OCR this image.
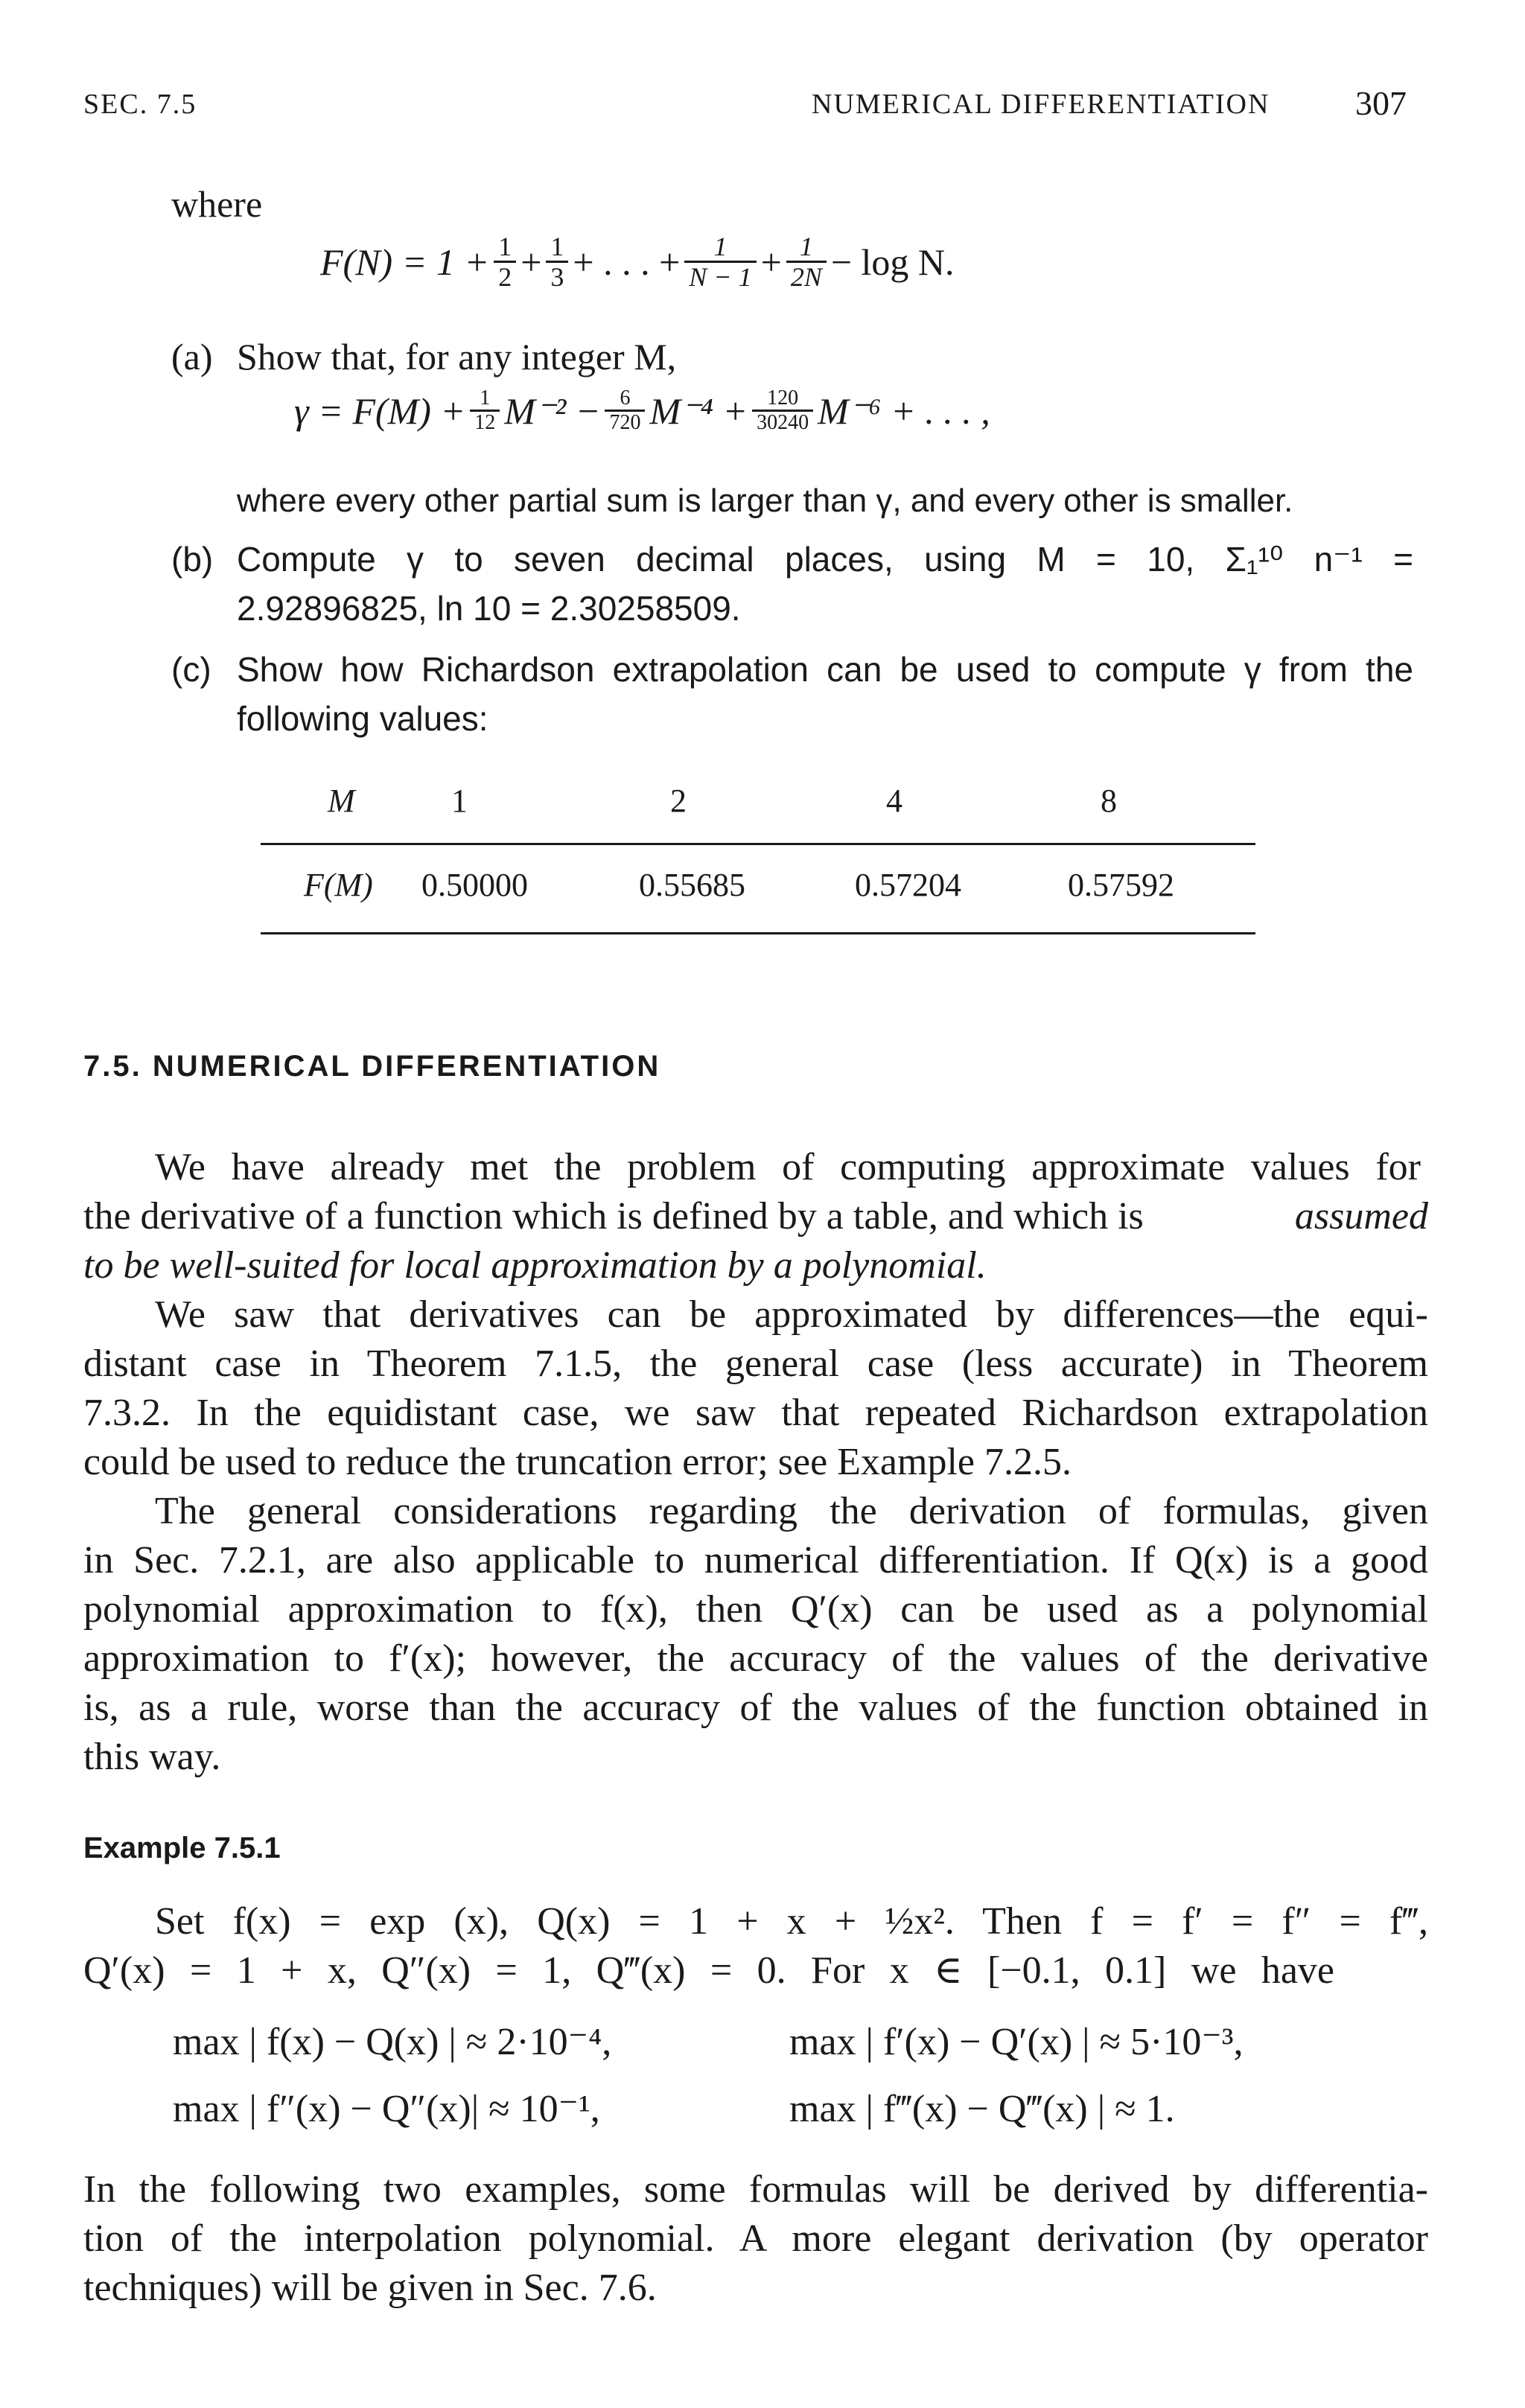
SEC. 7.5	NUMERICAL DIFFERENTIATION 307
where
$F(N) = 1 + \frac{1}{2} + \frac{1}{3}$ + . . . + $\frac{1}{N - 1} + \frac{1}{2N} - \log N$.
(a) Show that, for any integer M,
$\gamma = F(M) + \frac{1}{12} M^{-2} - \frac{6}{720} M^{-4} + \frac{120}{30240} M^{-6}$ + . . . ,
where every other partial sum is larger than γ, and every other is smaller.
(b) Compute γ to seven decimal places, using M = 10, Σ₁¹⁰ n⁻¹ =
2.92896825, ln 10 = 2.30258509.
(c) Show how Richardson extrapolation can be used to compute γ from the
following values:
M	1	2	4	8
F(M) 0.50000	0.55685	0.57204	0.57592
7.5. NUMERICAL DIFFERENTIATION
We have already met the problem of computing approximate values for
the derivative of a function which is defined by a table, and which is	assumed
to be well-suited for local approximation by a polynomial.
We saw that derivatives can be approximated by differences—the equi-
distant case in Theorem 7.1.5, the general case (less accurate) in Theorem
7.3.2. In the equidistant case, we saw that repeated Richardson extrapolation
could be used to reduce the truncation error; see Example 7.2.5.
The general considerations regarding the derivation of formulas, given
in Sec. 7.2.1, are also applicable to numerical differentiation. If Q(x) is a good
polynomial approximation to f(x), then Q′(x) can be used as a polynomial
approximation to f′(x); however, the accuracy of the values of the derivative
is, as a rule, worse than the accuracy of the values of the function obtained in
this way.
Example 7.5.1
Set f(x) = exp (x), Q(x) = 1 + x + ½x². Then f = f′ = f″ = f‴,
Q′(x) = 1 + x, Q″(x) = 1, Q‴(x) = 0. For x ∈ [−0.1, 0.1] we have
max | f(x) − Q(x) | ≈ 2·10⁻⁴,	max | f′(x) − Q′(x) | ≈ 5·10⁻³,
max | f″(x) − Q″(x)| ≈ 10⁻¹,	max | f‴(x) − Q‴(x) | ≈ 1.
In the following two examples, some formulas will be derived by differentia-
tion of the interpolation polynomial. A more elegant derivation (by operator
techniques) will be given in Sec. 7.6.
